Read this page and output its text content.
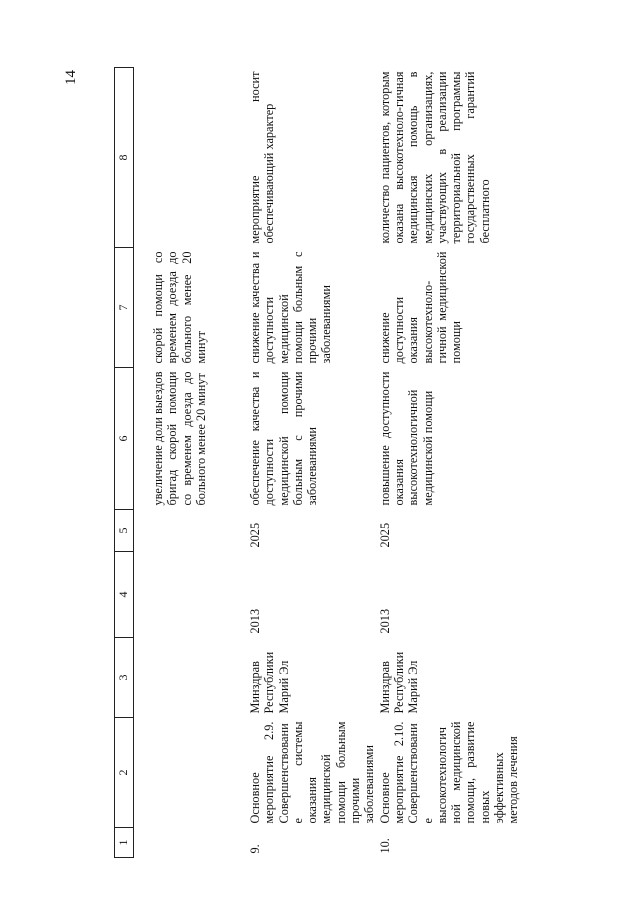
14
1	2	3	4	5	6	7	8

					увеличение доли выездов бригад скорой помощи со временем доезда до больного менее 20 минут	скорой помощи со временем доезда до больного менее 20 минут	
9.	Основное мероприятие 2.9. Совершенствование системы оказания медицинской помощи больным прочими заболеваниями	Минздрав Республики Марий Эл	2013	2025	обеспечение качества и доступности медицинской помощи больным с прочими заболеваниями	снижение качества и доступности медицинской помощи больным с прочими заболеваниями	мероприятие носит обеспечивающий характер
10.	Основное мероприятие 2.10. Совершенствование высокотехнологичной медицинской помощи, развитие новых эффективных методов лечения	Минздрав Республики Марий Эл	2013	2025	повышение доступности оказания высокотехнологичной медицинской помощи	снижение доступности оказания высокотехноло-гичной медицинской помощи	количество пациентов, которым оказана высокотехноло-гичная медицинская помощь в медицинских организациях, участвующих в реализации территориальной программы государственных гарантий бесплатного
